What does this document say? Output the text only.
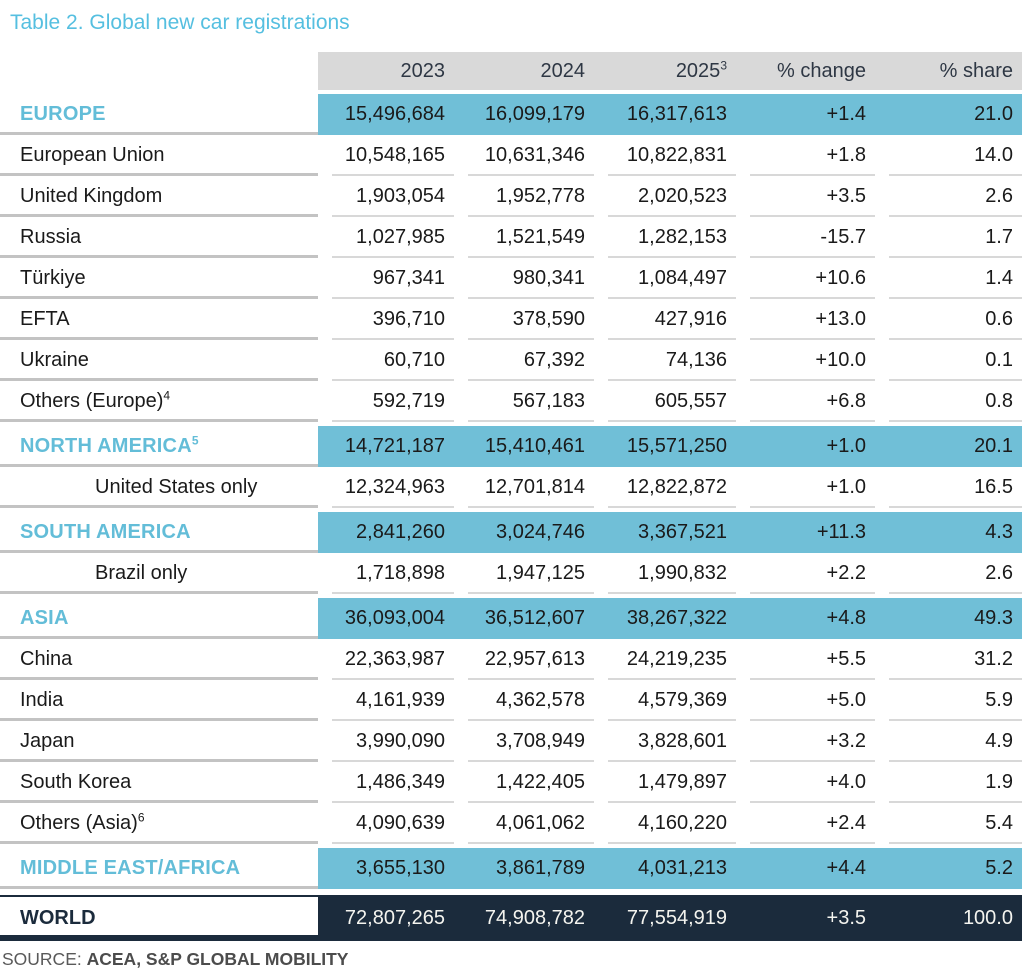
Table 2. Global new car registrations
	2023	2024	2025$^3$	% change	% share
EUROPE	15,496,684	16,099,179	16,317,613	+1.4	21.0
European Union	10,548,165	10,631,346	10,822,831	+1.8	14.0
United Kingdom	1,903,054	1,952,778	2,020,523	+3.5	2.6
Russia	1,027,985	1,521,549	1,282,153	-15.7	1.7
Türkiye	967,341	980,341	1,084,497	+10.6	1.4
EFTA	396,710	378,590	427,916	+13.0	0.6
Ukraine	60,710	67,392	74,136	+10.0	0.1
Others (Europe)$^4$	592,719	567,183	605,557	+6.8	0.8
NORTH AMERICA$^5$	14,721,187	15,410,461	15,571,250	+1.0	20.1
United States only	12,324,963	12,701,814	12,822,872	+1.0	16.5
SOUTH AMERICA	2,841,260	3,024,746	3,367,521	+11.3	4.3
Brazil only	1,718,898	1,947,125	1,990,832	+2.2	2.6
ASIA	36,093,004	36,512,607	38,267,322	+4.8	49.3
China	22,363,987	22,957,613	24,219,235	+5.5	31.2
India	4,161,939	4,362,578	4,579,369	+5.0	5.9
Japan	3,990,090	3,708,949	3,828,601	+3.2	4.9
South Korea	1,486,349	1,422,405	1,479,897	+4.0	1.9
Others (Asia)$^6$	4,090,639	4,061,062	4,160,220	+2.4	5.4
MIDDLE EAST/AFRICA	3,655,130	3,861,789	4,031,213	+4.4	5.2
WORLD	72,807,265	74,908,782	77,554,919	+3.5	100.0
SOURCE: ACEA, S&P GLOBAL MOBILITY
